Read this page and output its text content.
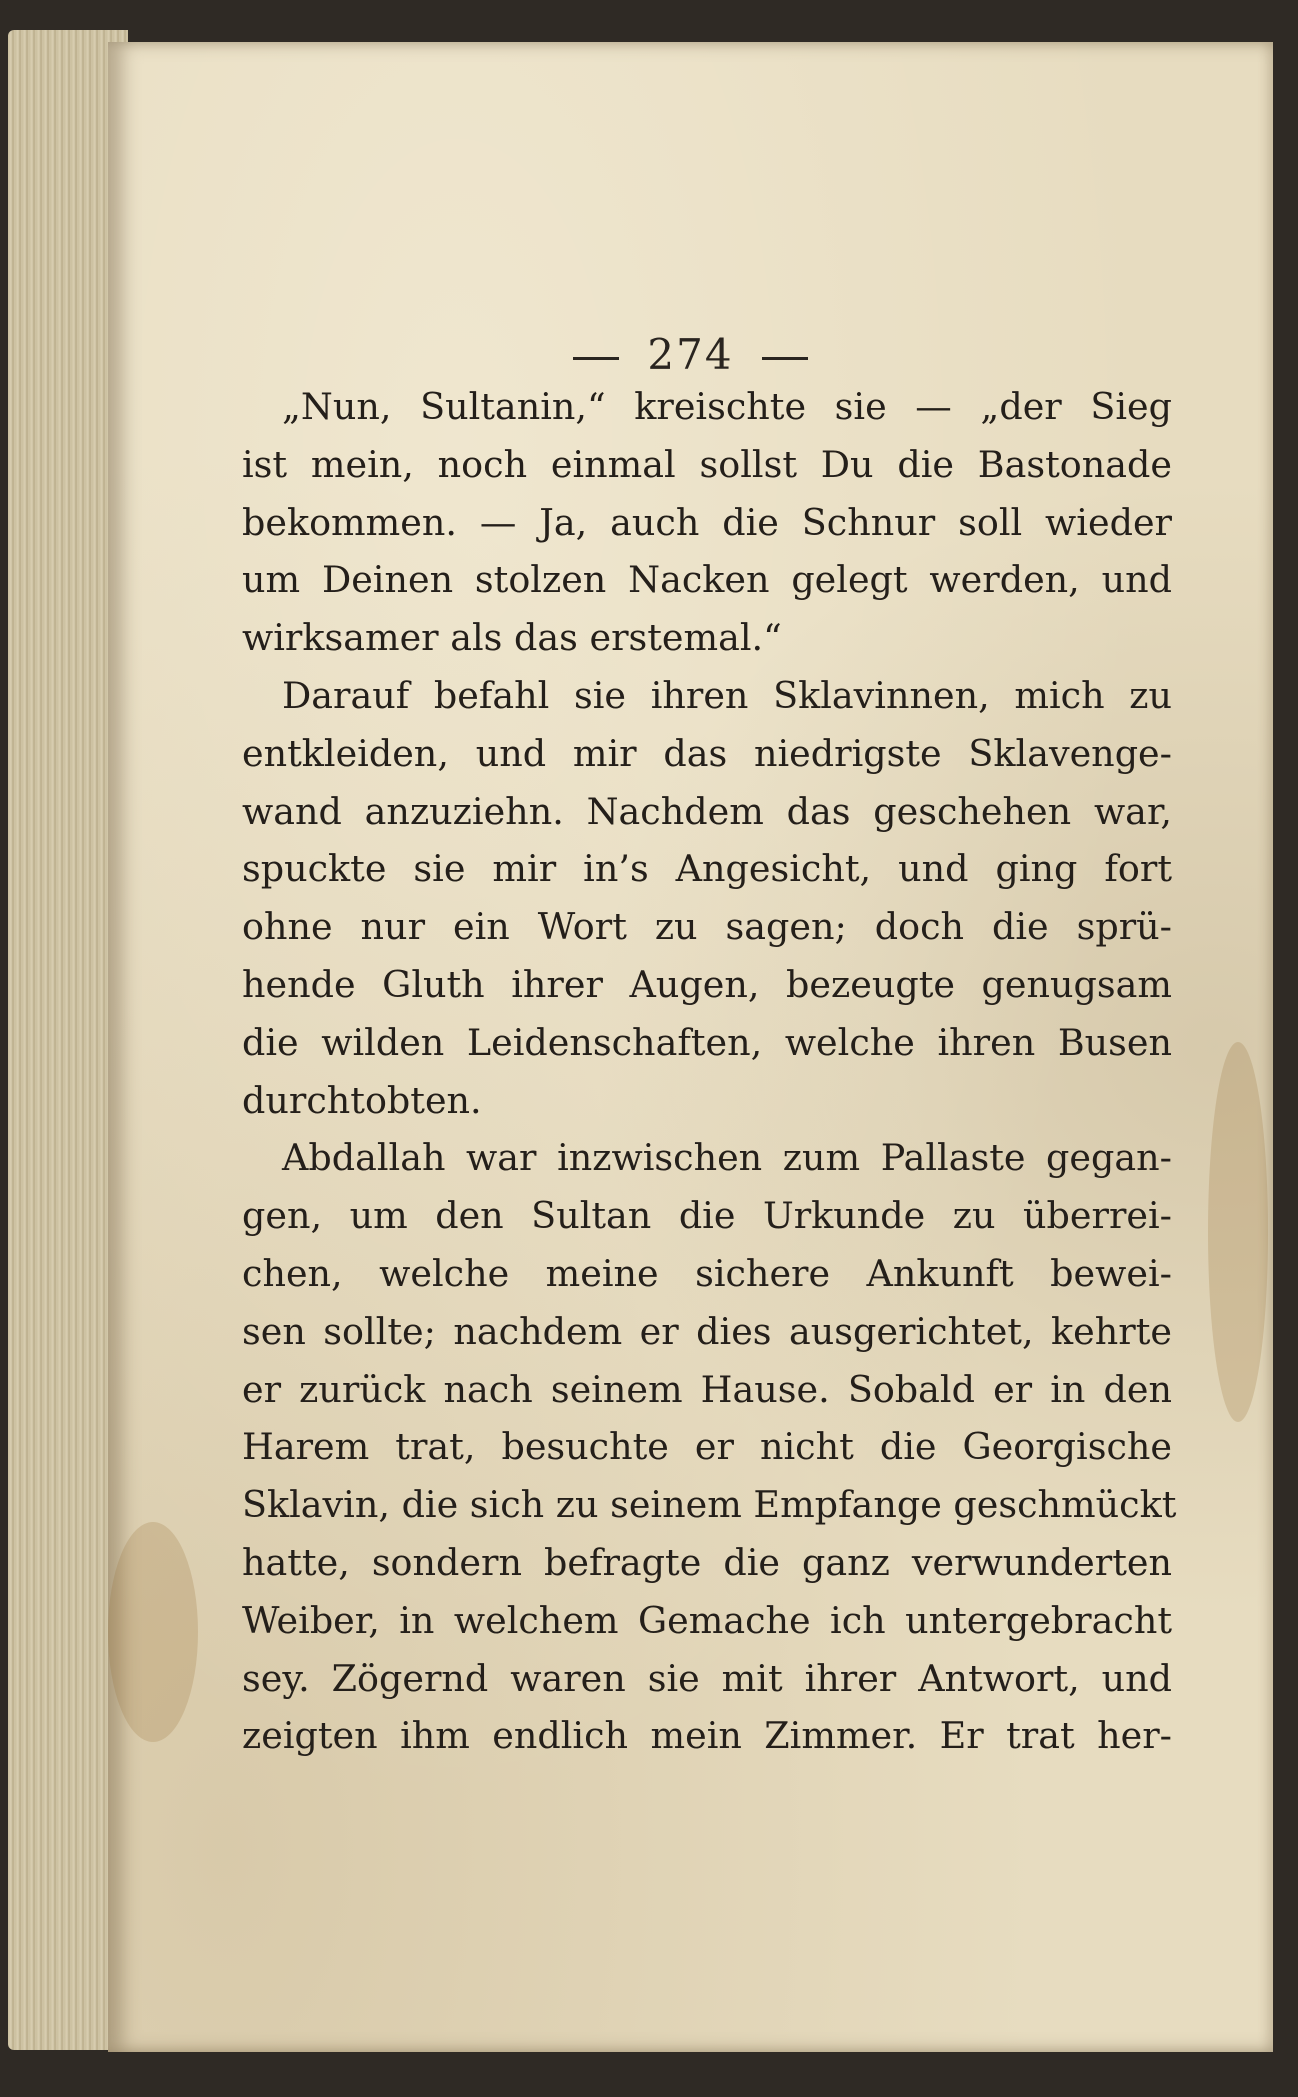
274
„Nun, Sultanin,“ kreischte sie — „der Sieg
ist mein, noch einmal sollst Du die Bastonade
bekommen. — Ja, auch die Schnur soll wieder
um Deinen stolzen Nacken gelegt werden, und
wirksamer als das erstemal.“
Darauf befahl sie ihren Sklavinnen, mich zu
entkleiden, und mir das niedrigste Sklavenge-
wand anzuziehn. Nachdem das geschehen war,
spuckte sie mir in’s Angesicht, und ging fort
ohne nur ein Wort zu sagen; doch die sprü-
hende Gluth ihrer Augen, bezeugte genugsam
die wilden Leidenschaften, welche ihren Busen
durchtobten.
Abdallah war inzwischen zum Pallaste gegan-
gen, um den Sultan die Urkunde zu überrei-
chen, welche meine sichere Ankunft bewei-
sen sollte; nachdem er dies ausgerichtet, kehrte
er zurück nach seinem Hause. Sobald er in den
Harem trat, besuchte er nicht die Georgische
Sklavin, die sich zu seinem Empfange geschmückt
hatte, sondern befragte die ganz verwunderten
Weiber, in welchem Gemache ich untergebracht
sey. Zögernd waren sie mit ihrer Antwort, und
zeigten ihm endlich mein Zimmer. Er trat her-
